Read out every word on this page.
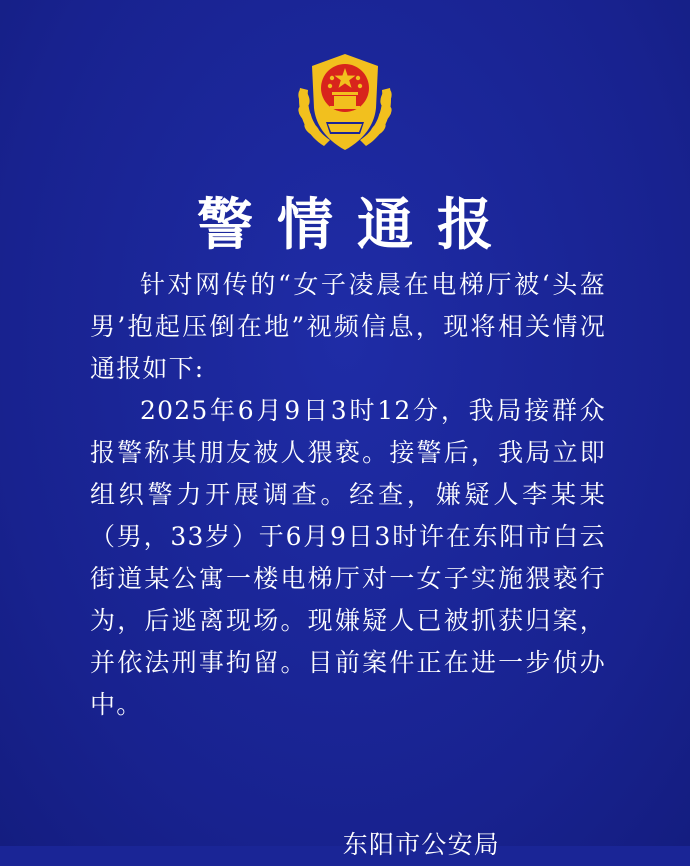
警情通报

针对网传的“女子凌晨在电梯厅被‘头盔男’抱起压倒在地”视频信息，现将相关情况通报如下:

2025年6月9日3时12分，我局接群众报警称其朋友被人猥亵。接警后，我局立即组织警力开展调查。经查，嫌疑人李某某（男，33岁）于6月9日3时许在东阳市白云街道某公寓一楼电梯厅对一女子实施猥亵行为，后逃离现场。现嫌疑人已被抓获归案，并依法刑事拘留。目前案件正在进一步侦办中。

东阳市公安局
